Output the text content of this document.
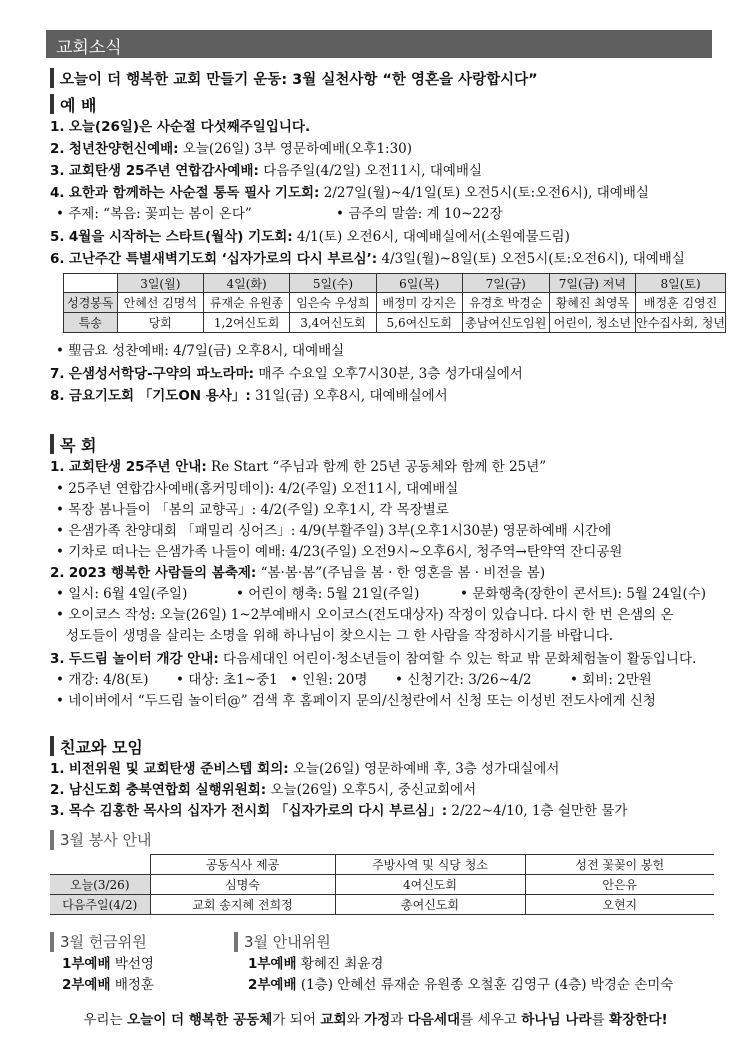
교회소식
오늘이 더 행복한 교회 만들기 운동: 3월 실천사항 “한 영혼을 사랑합시다”
예 배
1. 오늘(26일)은 사순절 다섯째주일입니다.
2. 청년찬양헌신예배: 오늘(26일) 3부 영문하예배(오후1:30)
3. 교회탄생 25주년 연합감사예배: 다음주일(4/2일) 오전11시, 대예배실
4. 요한과 함께하는 사순절 통독 필사 기도회: 2/27일(월)~4/1일(토) 오전5시(토:오전6시), 대예배실
• 주제: “복음: 꽃피는 봄이 온다”	• 금주의 말씀: 계 10~22장
5. 4월을 시작하는 스타트(월삭) 기도회: 4/1(토) 오전6시, 대예배실에서(소원예물드림)
6. 고난주간 특별새벽기도회 ‘십자가로의 다시 부르심’: 4/3일(월)~8일(토) 오전5시(토:오전6시), 대예배실
	3일(월)	4일(화)	5일(수)	6일(목)	7일(금)	7일(금) 저녁	8일(토)
성경봉독	안혜선 김명석	류재순 유원종	임은숙 우성희	배정미 강지은	유경호 박경순	황혜진 최영목	배정훈 김영진
특송	당회	1,2여신도회	3,4여신도회	5,6여신도회	총남여신도임원	어린이, 청소년	안수집사회, 청년
• 聖금요 성찬예배: 4/7일(금) 오후8시, 대예배실
7. 은샘성서학당-구약의 파노라마: 매주 수요일 오후7시30분, 3층 성가대실에서
8. 금요기도회 「기도ON 용사」: 31일(금) 오후8시, 대예배실에서
목 회
1. 교회탄생 25주년 안내: Re Start “주님과 함께 한 25년 공동체와 함께 한 25년”
• 25주년 연합감사예배(홈커밍데이): 4/2(주일) 오전11시, 대예배실
• 목장 봄나들이 「봄의 교향곡」: 4/2(주일) 오후1시, 각 목장별로
• 은샘가족 찬양대회 「패밀리 싱어즈」: 4/9(부활주일) 3부(오후1시30분) 영문하예배 시간에
• 기차로 떠나는 은샘가족 나들이 예배: 4/23(주일) 오전9시~오후6시, 청주역→탄약역 잔디공원
2. 2023 행복한 사람들의 봄축제: “봄·봄·봄”(주님을 봄 · 한 영혼을 봄 · 비전을 봄)
• 일시: 6월 4일(주일)	• 어린이 행축: 5월 21일(주일)	• 문화행축(장한이 콘서트): 5월 24일(수)
• 오이코스 작성: 오늘(26일) 1~2부예배시 오이코스(전도대상자) 작정이 있습니다. 다시 한 번 은샘의 온
성도들이 생명을 살리는 소명을 위해 하나님이 찾으시는 그 한 사람을 작정하시기를 바랍니다.
3. 두드림 놀이터 개강 안내: 다음세대인 어린이·청소년들이 참여할 수 있는 학교 밖 문화체험놀이 활동입니다.
• 개강: 4/8(토) • 대상: 초1~중1 • 인원: 20명 • 신청기간: 3/26~4/2	• 회비: 2만원
• 네이버에서 “두드림 놀이터@” 검색 후 홈페이지 문의/신청란에서 신청 또는 이성빈 전도사에게 신청
친교와 모임
1. 비전위원 및 교회탄생 준비스텝 회의: 오늘(26일) 영문하예배 후, 3층 성가대실에서
2. 남신도회 충북연합회 실행위원회: 오늘(26일) 오후5시, 중신교회에서
3. 목수 김홍한 목사의 십자가 전시회 「십자가로의 다시 부르심」: 2/22~4/10, 1층 쉴만한 물가
3월 봉사 안내
	공동식사 제공	주방사역 및 식당 청소	성전 꽃꽂이 봉헌
오늘(3/26)	심명숙	4여신도회	안은유
다음주일(4/2)	교회 송지혜 전희정	총여신도회	오현지
3월 헌금위원
1부예배 박선영
2부예배 배정훈
3월 안내위원
1부예배 황혜진 최윤경
2부예배 (1층) 안혜선 류재순 유원종 오철훈 김영구 (4층) 박경순 손미숙
우리는 오늘이 더 행복한 공동체가 되어 교회와 가정과 다음세대를 세우고 하나님 나라를 확장한다!
